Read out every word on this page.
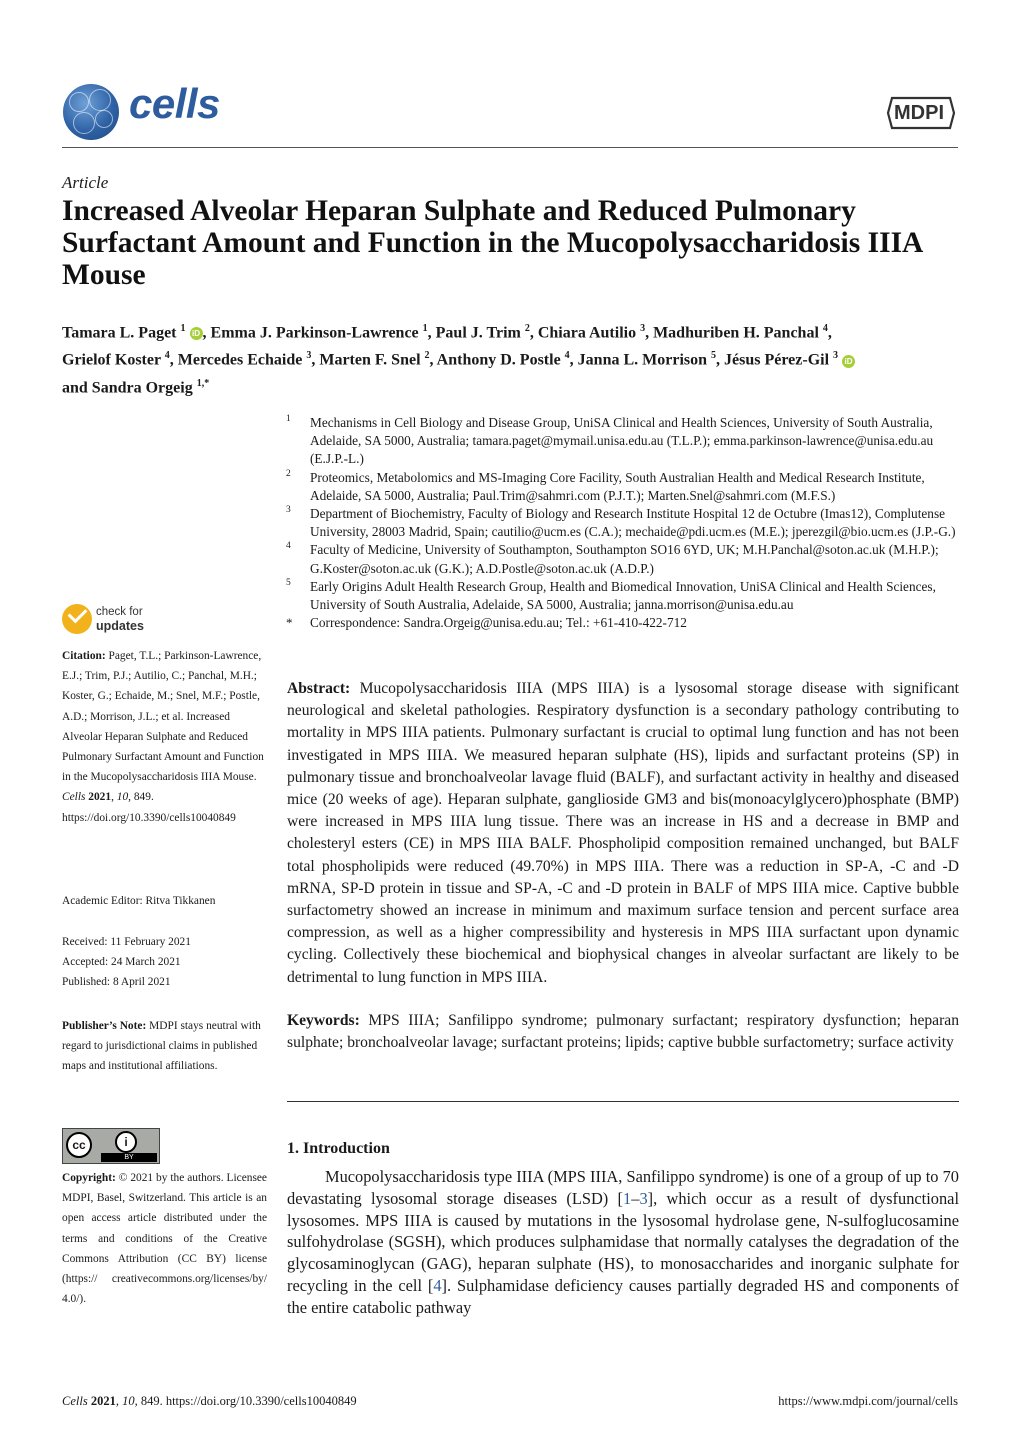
cells	MDPI
Article
Increased Alveolar Heparan Sulphate and Reduced Pulmonary Surfactant Amount and Function in the Mucopolysaccharidosis IIIA Mouse
Tamara L. Paget $^1$ iD , Emma J. Parkinson-Lawrence $^1$, Paul J. Trim $^2$, Chiara Autilio $^3$, Madhuriben H. Panchal $^4$,
Grielof Koster $^4$, Mercedes Echaide $^3$, Marten F. Snel $^2$, Anthony D. Postle $^4$, Janna L. Morrison $^5$, Jésus Pérez-Gil $^3$ iD
and Sandra Orgeig $^{1,*}$
1 Mechanisms in Cell Biology and Disease Group, UniSA Clinical and Health Sciences, University of South Australia, Adelaide, SA 5000, Australia; tamara.paget@mymail.unisa.edu.au (T.L.P.); emma.parkinson-lawrence@unisa.edu.au (E.J.P.-L.)
2 Proteomics, Metabolomics and MS-Imaging Core Facility, South Australian Health and Medical Research Institute, Adelaide, SA 5000, Australia; Paul.Trim@sahmri.com (P.J.T.); Marten.Snel@sahmri.com (M.F.S.)
3 Department of Biochemistry, Faculty of Biology and Research Institute Hospital 12 de Octubre (Imas12), Complutense University, 28003 Madrid, Spain; cautilio@ucm.es (C.A.); mechaide@pdi.ucm.es (M.E.); jperezgil@bio.ucm.es (J.P.-G.)
4 Faculty of Medicine, University of Southampton, Southampton SO16 6YD, UK; M.H.Panchal@soton.ac.uk (M.H.P.); G.Koster@soton.ac.uk (G.K.); A.D.Postle@soton.ac.uk (A.D.P.)
5 Early Origins Adult Health Research Group, Health and Biomedical Innovation, UniSA Clinical and Health Sciences, University of South Australia, Adelaide, SA 5000, Australia; janna.morrison@unisa.edu.au
* Correspondence: Sandra.Orgeig@unisa.edu.au; Tel.: +61-410-422-712
check for
updates
Citation: Paget, T.L.; Parkinson-Lawrence, E.J.; Trim, P.J.; Autilio, C.; Panchal, M.H.; Koster, G.; Echaide, M.; Snel, M.F.; Postle, A.D.; Morrison, J.L.; et al. Increased Alveolar Heparan Sulphate and Reduced Pulmonary Surfactant Amount and Function in the Mucopolysaccharidosis IIIA Mouse. Cells 2021, 10, 849. https://doi.org/10.3390/cells10040849
Academic Editor: Ritva Tikkanen
Received: 11 February 2021
Accepted: 24 March 2021
Published: 8 April 2021
Publisher’s Note: MDPI stays neutral with regard to jurisdictional claims in published maps and institutional affiliations.
cc	i
BY
Copyright: © 2021 by the authors. Licensee MDPI, Basel, Switzerland. This article is an open access article distributed under the terms and conditions of the Creative Commons Attribution (CC BY) license (https:// creativecommons.org/licenses/by/ 4.0/).
Abstract: Mucopolysaccharidosis IIIA (MPS IIIA) is a lysosomal storage disease with significant neurological and skeletal pathologies. Respiratory dysfunction is a secondary pathology contributing to mortality in MPS IIIA patients. Pulmonary surfactant is crucial to optimal lung function and has not been investigated in MPS IIIA. We measured heparan sulphate (HS), lipids and surfactant proteins (SP) in pulmonary tissue and bronchoalveolar lavage fluid (BALF), and surfactant activity in healthy and diseased mice (20 weeks of age). Heparan sulphate, ganglioside GM3 and bis(monoacylglycero)phosphate (BMP) were increased in MPS IIIA lung tissue. There was an increase in HS and a decrease in BMP and cholesteryl esters (CE) in MPS IIIA BALF. Phospholipid composition remained unchanged, but BALF total phospholipids were reduced (49.70%) in MPS IIIA. There was a reduction in SP-A, -C and -D mRNA, SP-D protein in tissue and SP-A, -C and -D protein in BALF of MPS IIIA mice. Captive bubble surfactometry showed an increase in minimum and maximum surface tension and percent surface area compression, as well as a higher compressibility and hysteresis in MPS IIIA surfactant upon dynamic cycling. Collectively these biochemical and biophysical changes in alveolar surfactant are likely to be detrimental to lung function in MPS IIIA.
Keywords: MPS IIIA; Sanfilippo syndrome; pulmonary surfactant; respiratory dysfunction; heparan sulphate; bronchoalveolar lavage; surfactant proteins; lipids; captive bubble surfactometry; surface activity
1. Introduction
Mucopolysaccharidosis type IIIA (MPS IIIA, Sanfilippo syndrome) is one of a group of up to 70 devastating lysosomal storage diseases (LSD) [1–3], which occur as a result of dysfunctional lysosomes. MPS IIIA is caused by mutations in the lysosomal hydrolase gene, N-sulfoglucosamine sulfohydrolase (SGSH), which produces sulphamidase that normally catalyses the degradation of the glycosaminoglycan (GAG), heparan sulphate (HS), to monosaccharides and inorganic sulphate for recycling in the cell [4]. Sulphamidase deficiency causes partially degraded HS and components of the entire catabolic pathway
Cells 2021, 10, 849. https://doi.org/10.3390/cells10040849	https://www.mdpi.com/journal/cells
